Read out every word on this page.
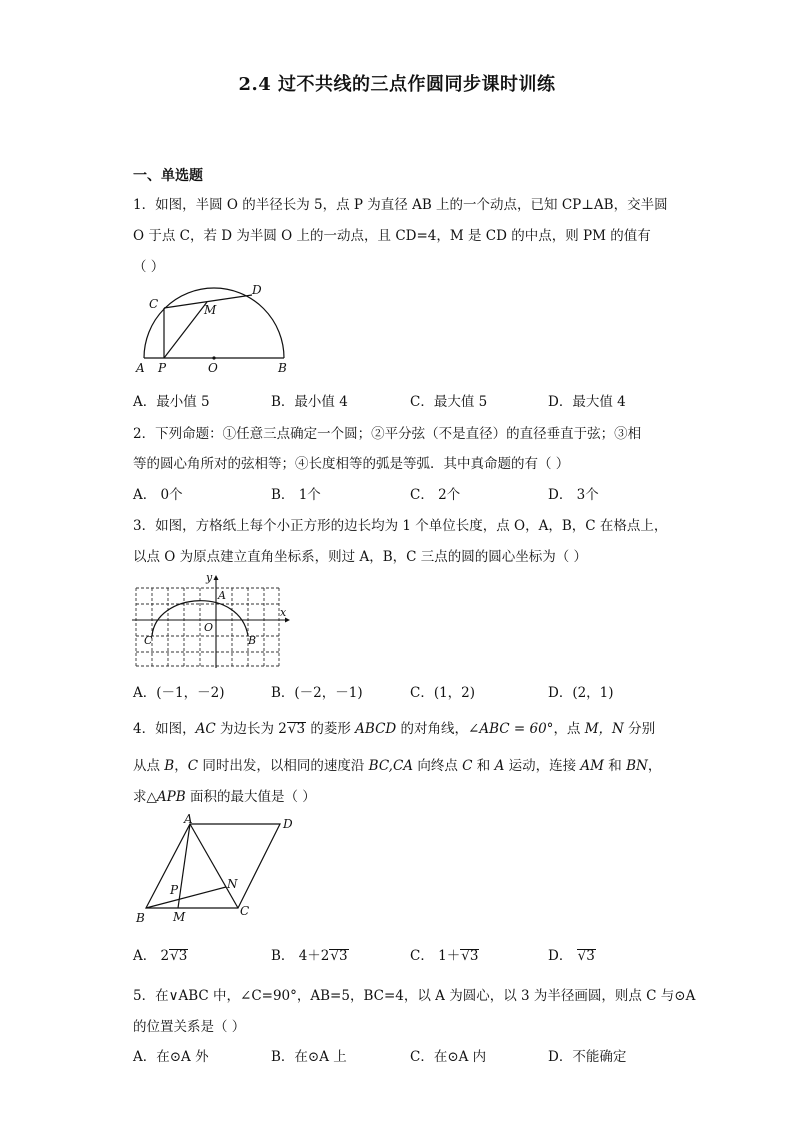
2.4 过不共线的三点作圆同步课时训练
一、单选题
1．如图，半圆 O 的半径长为 5，点 P 为直径 AB 上的一个动点，已知 CP⊥AB，交半圆
O 于点 C，若 D 为半圆 O 上的一动点，且 CD=4，M 是 CD 的中点，则 PM 的值有
（ ）
A P	O	B
C
D
M
A．最小值 5	B．最小值 4	C．最大值 5	D．最大值 4
2．下列命题：①任意三点确定一个圆；②平分弦（不是直径）的直径垂直于弦；③相
等的圆心角所对的弦相等；④长度相等的弧是等弧．其中真命题的有（ ）
A． 0个	B． 1个	C． 2个	D． 3个
3．如图，方格纸上每个小正方形的边长均为 1 个单位长度，点 O，A，B，C 在格点上，
以点 O 为原点建立直角坐标系，则过 A，B，C 三点的圆的圆心坐标为（ ）
y
x
A
O
C	B
A．(－1，－2)	B．(－2，－1)	C．(1，2)	D．(2，1)
4．如图，AC 为边长为 2√3 的菱形 ABCD 的对角线，∠ABC = 60°，点 M，N 分别
从点 B，C 同时出发，以相同的速度沿 BC,CA 向终点 C 和 A 运动，连接 AM 和 BN，
求△APB 面积的最大值是（ ）
A	D
P	N
B M	C
A． 2√3	B． 4＋2√3	C． 1＋√3	D． √3
5．在∨ABC 中，∠C=90°，AB=5，BC=4，以 A 为圆心，以 3 为半径画圆，则点 C 与⊙A
的位置关系是（ ）
A．在⊙A 外	B．在⊙A 上	C．在⊙A 内	D．不能确定
